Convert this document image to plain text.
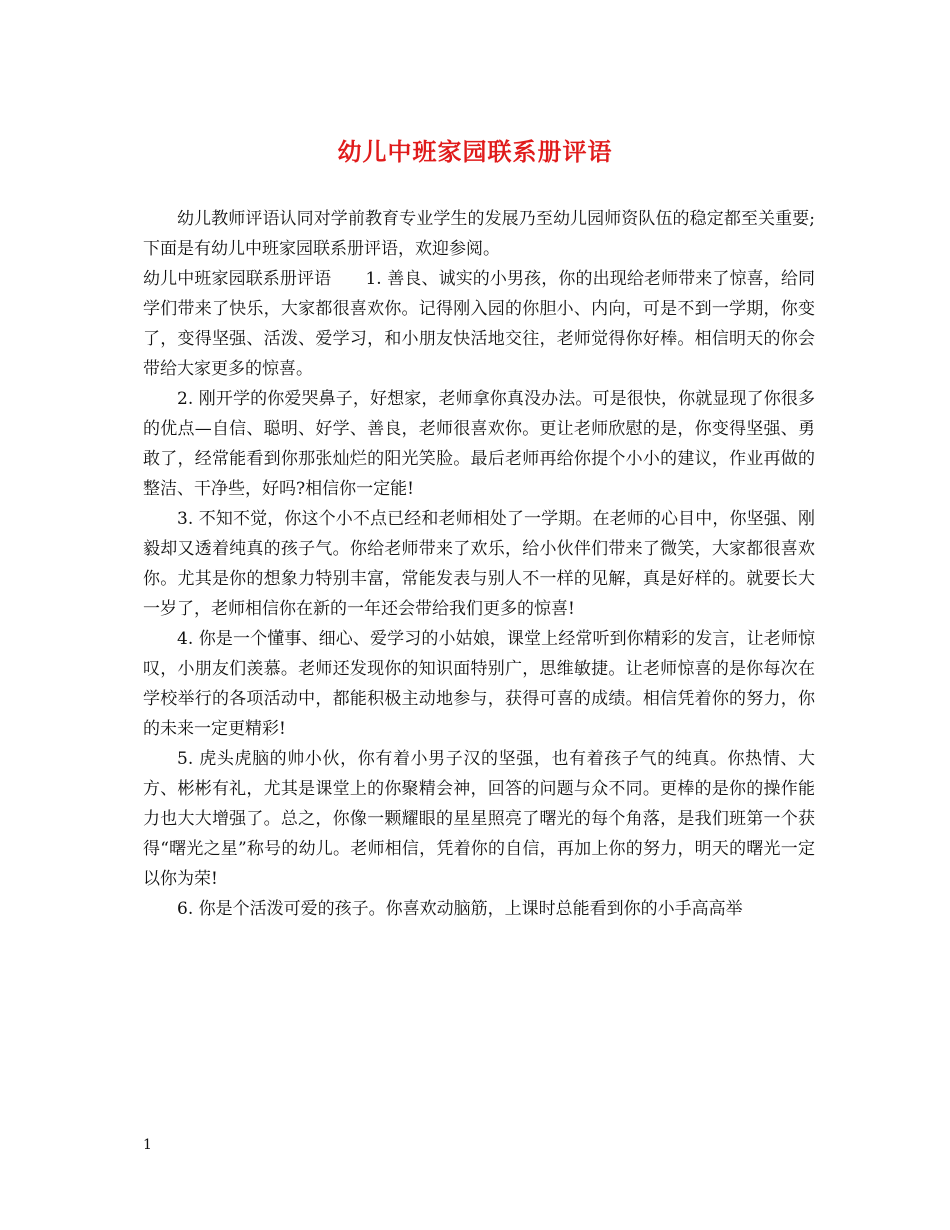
幼儿中班家园联系册评语

幼儿教师评语认同对学前教育专业学生的发展乃至幼儿园师资队伍的稳定都至关重要;下面是有幼儿中班家园联系册评语，欢迎参阅。

幼儿中班家园联系册评语　　1. 善良、诚实的小男孩，你的出现给老师带来了惊喜，给同学们带来了快乐，大家都很喜欢你。记得刚入园的你胆小、内向，可是不到一学期，你变了，变得坚强、活泼、爱学习，和小朋友快活地交往，老师觉得你好棒。相信明天的你会带给大家更多的惊喜。

2. 刚开学的你爱哭鼻子，好想家，老师拿你真没办法。可是很快，你就显现了你很多的优点—自信、聪明、好学、善良，老师很喜欢你。更让老师欣慰的是，你变得坚强、勇敢了，经常能看到你那张灿烂的阳光笑脸。最后老师再给你提个小小的建议，作业再做的整洁、干净些，好吗?相信你一定能!

3. 不知不觉，你这个小不点已经和老师相处了一学期。在老师的心目中，你坚强、刚毅却又透着纯真的孩子气。你给老师带来了欢乐，给小伙伴们带来了微笑，大家都很喜欢你。尤其是你的想象力特别丰富，常能发表与别人不一样的见解，真是好样的。就要长大一岁了，老师相信你在新的一年还会带给我们更多的惊喜!

4. 你是一个懂事、细心、爱学习的小姑娘，课堂上经常听到你精彩的发言，让老师惊叹，小朋友们羡慕。老师还发现你的知识面特别广，思维敏捷。让老师惊喜的是你每次在学校举行的各项活动中，都能积极主动地参与，获得可喜的成绩。相信凭着你的努力，你的未来一定更精彩!

5. 虎头虎脑的帅小伙，你有着小男子汉的坚强，也有着孩子气的纯真。你热情、大方、彬彬有礼，尤其是课堂上的你聚精会神，回答的问题与众不同。更棒的是你的操作能力也大大增强了。总之，你像一颗耀眼的星星照亮了曙光的每个角落，是我们班第一个获得“曙光之星”称号的幼儿。老师相信，凭着你的自信，再加上你的努力，明天的曙光一定以你为荣!

6. 你是个活泼可爱的孩子。你喜欢动脑筋，上课时总能看到你的小手高高举

1
